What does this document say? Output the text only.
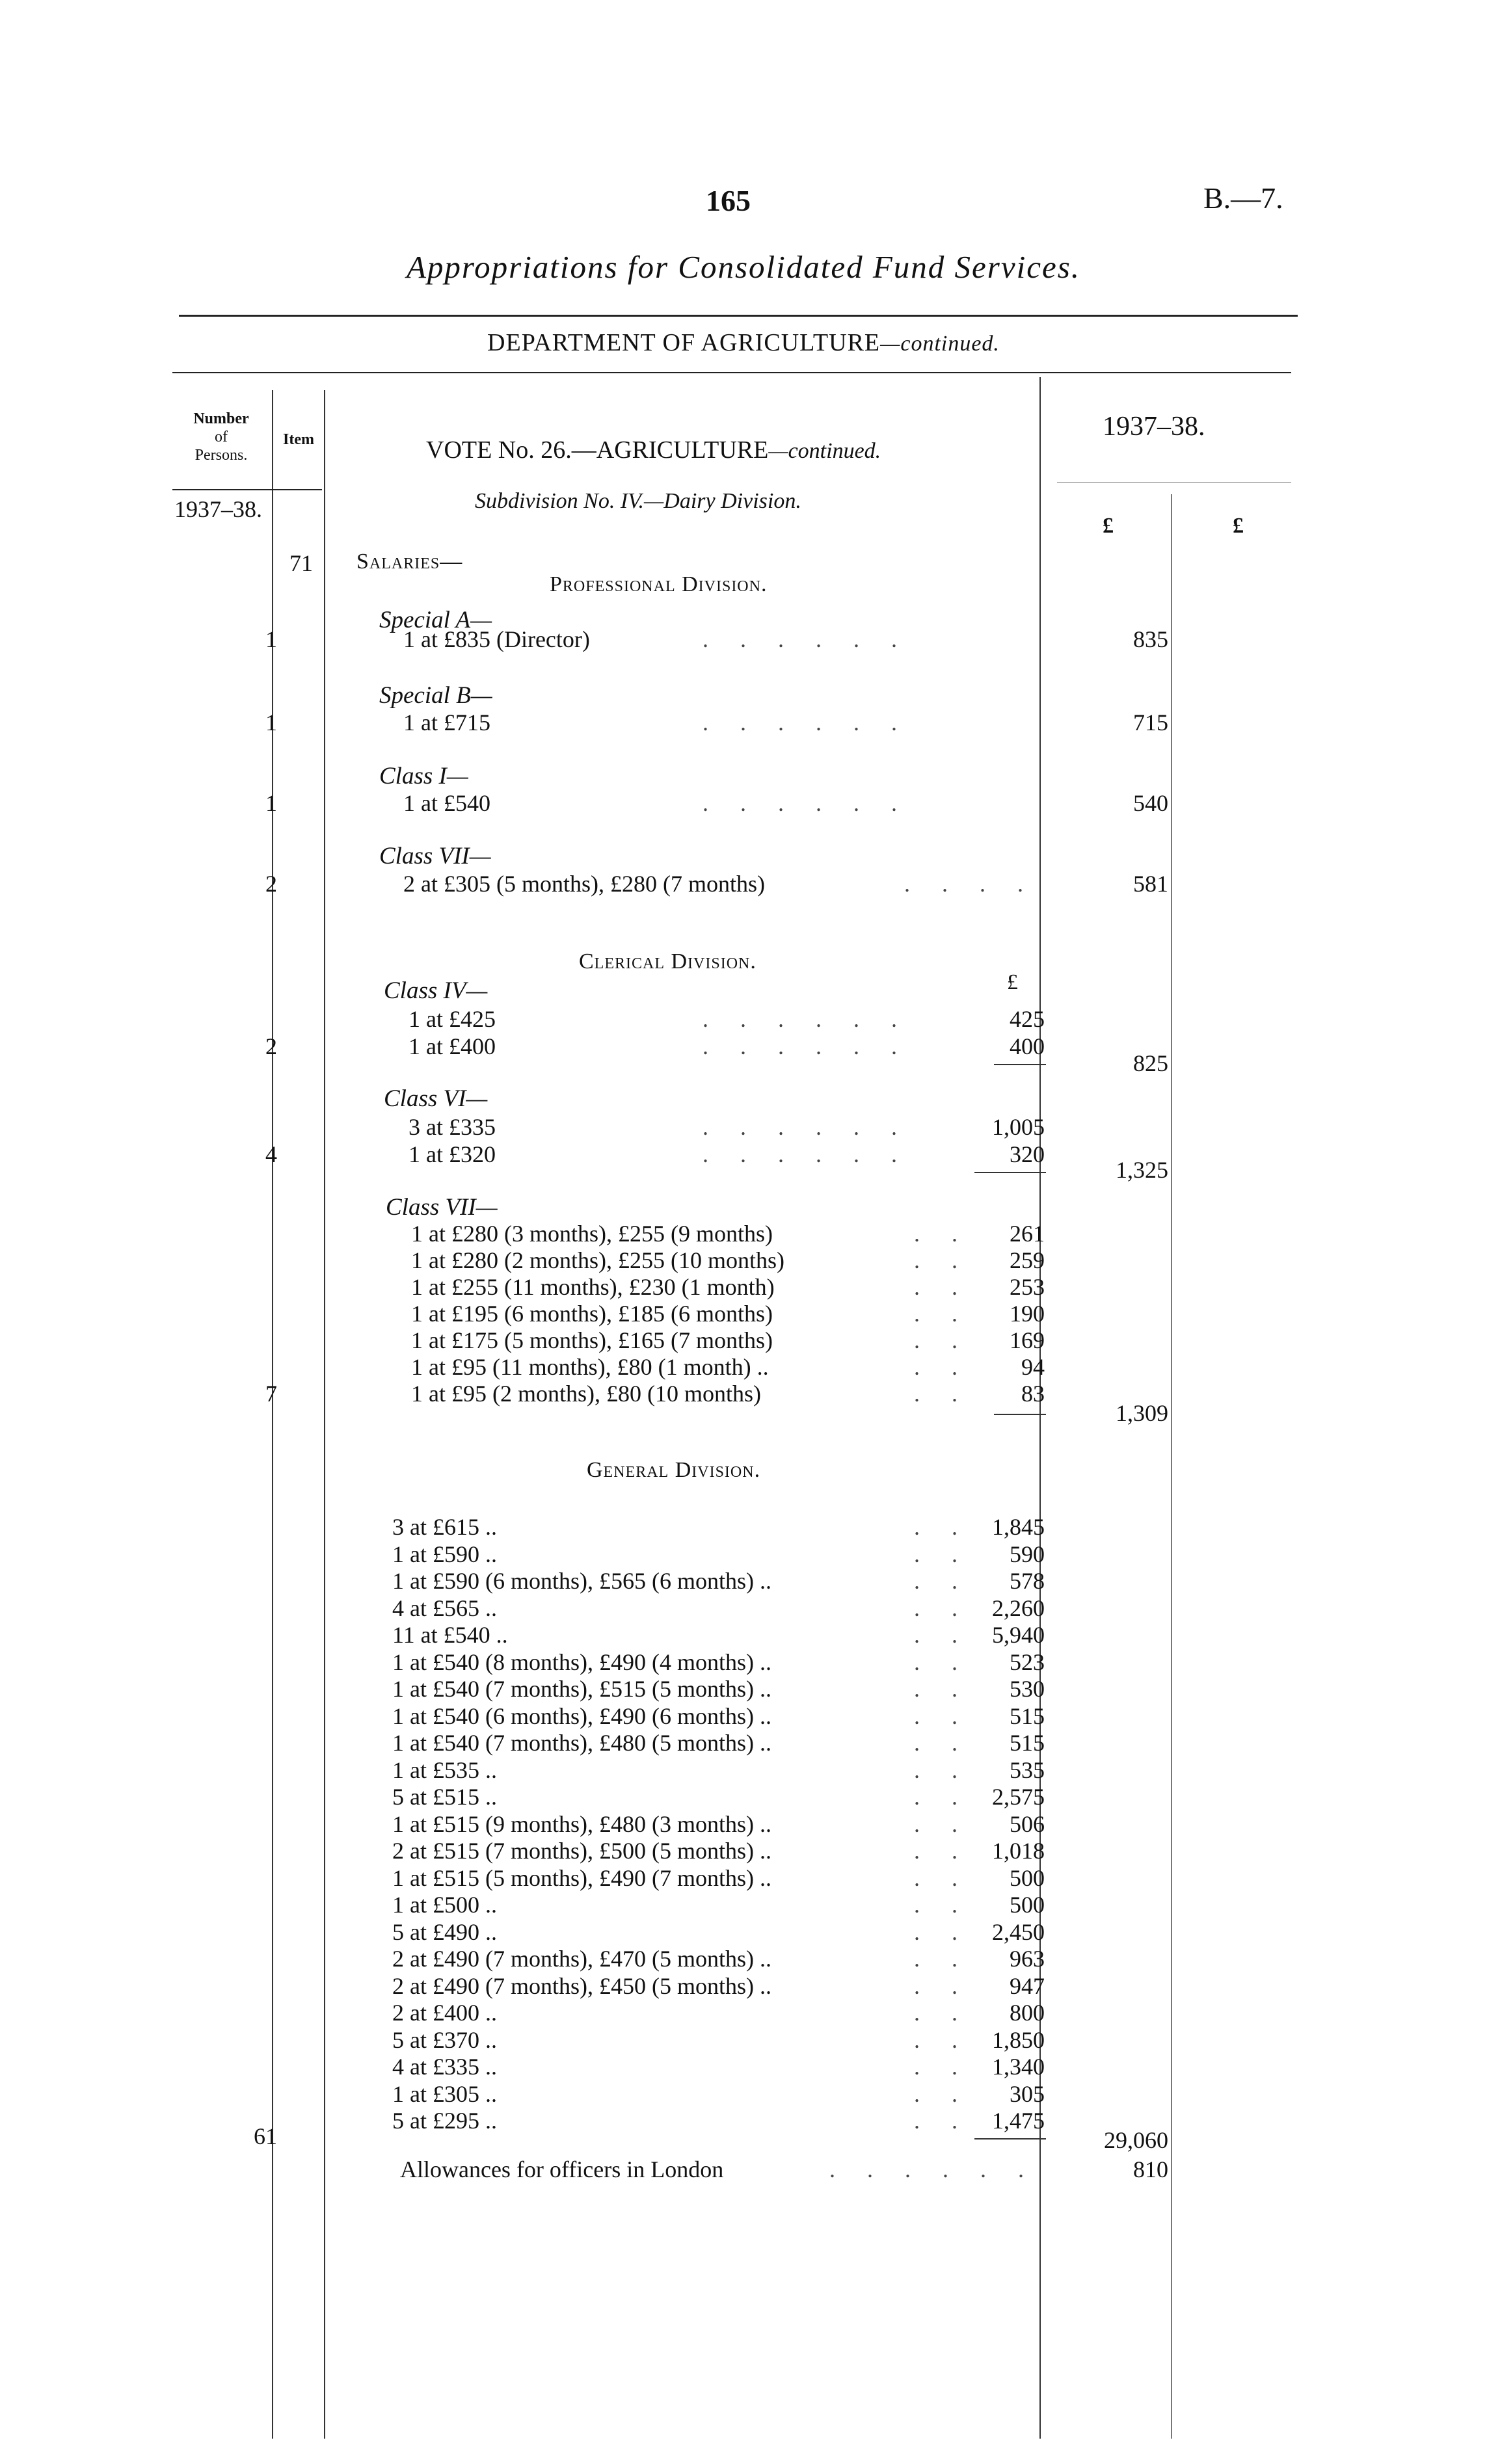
165	B.—7.
Appropriations for Consolidated Fund Services.
DEPARTMENT OF AGRICULTURE—continued.
Number
of
Persons.
Item
1937–38.
1937–38.
£	£
VOTE No. 26.—AGRICULTURE—continued.
Subdivision No. IV.—Dairy Division.
71 Salaries—
Professional Division.
Special A—
1	1 at £835 (Director)	. . . . . .	835
Special B—
1	1 at £715	. . . . . .	715
Class I—
1	1 at £540	. . . . . .	540
Class VII—
2	2 at £305 (5 months), £280 (7 months)	. . . .	581
Clerical Division.
£
Class IV—
1 at £425	. . . . . .	425
2	1 at £400	. . . . . .	400
825
Class VI—
3 at £335	. . . . . .	1,005
4	1 at £320	. . . . . .	320
1,325
Class VII—
1 at £280 (3 months), £255 (9 months)	. . 261
1 at £280 (2 months), £255 (10 months)	. . 259
1 at £255 (11 months), £230 (1 month)	. . 253
1 at £195 (6 months), £185 (6 months)	. . 190
1 at £175 (5 months), £165 (7 months)	. . 169
1 at £95 (11 months), £80 (1 month) ..	. . 94
7	1 at £95 (2 months), £80 (10 months)	. . 83
1,309
General Division.
3 at £615 ..	. . 1,845
1 at £590 ..	. . 590
1 at £590 (6 months), £565 (6 months) ..	. . 578
4 at £565 ..	. . 2,260
11 at £540 ..	. . 5,940
1 at £540 (8 months), £490 (4 months) ..	. . 523
1 at £540 (7 months), £515 (5 months) ..	. . 530
1 at £540 (6 months), £490 (6 months) ..	. . 515
1 at £540 (7 months), £480 (5 months) ..	. . 515
1 at £535 ..	. . 535
5 at £515 ..	. . 2,575
1 at £515 (9 months), £480 (3 months) ..	. . 506
2 at £515 (7 months), £500 (5 months) ..	. . 1,018
1 at £515 (5 months), £490 (7 months) ..	. . 500
1 at £500 ..	. . 500
5 at £490 ..	. . 2,450
2 at £490 (7 months), £470 (5 months) ..	. . 963
2 at £490 (7 months), £450 (5 months) ..	. . 947
2 at £400 ..	. . 800
5 at £370 ..	. . 1,850
4 at £335 ..	. . 1,340
1 at £305 ..	. . 305
5 at £295 ..	. . 1,475
61	29,060
Allowances for officers in London	. . . . . .	810
